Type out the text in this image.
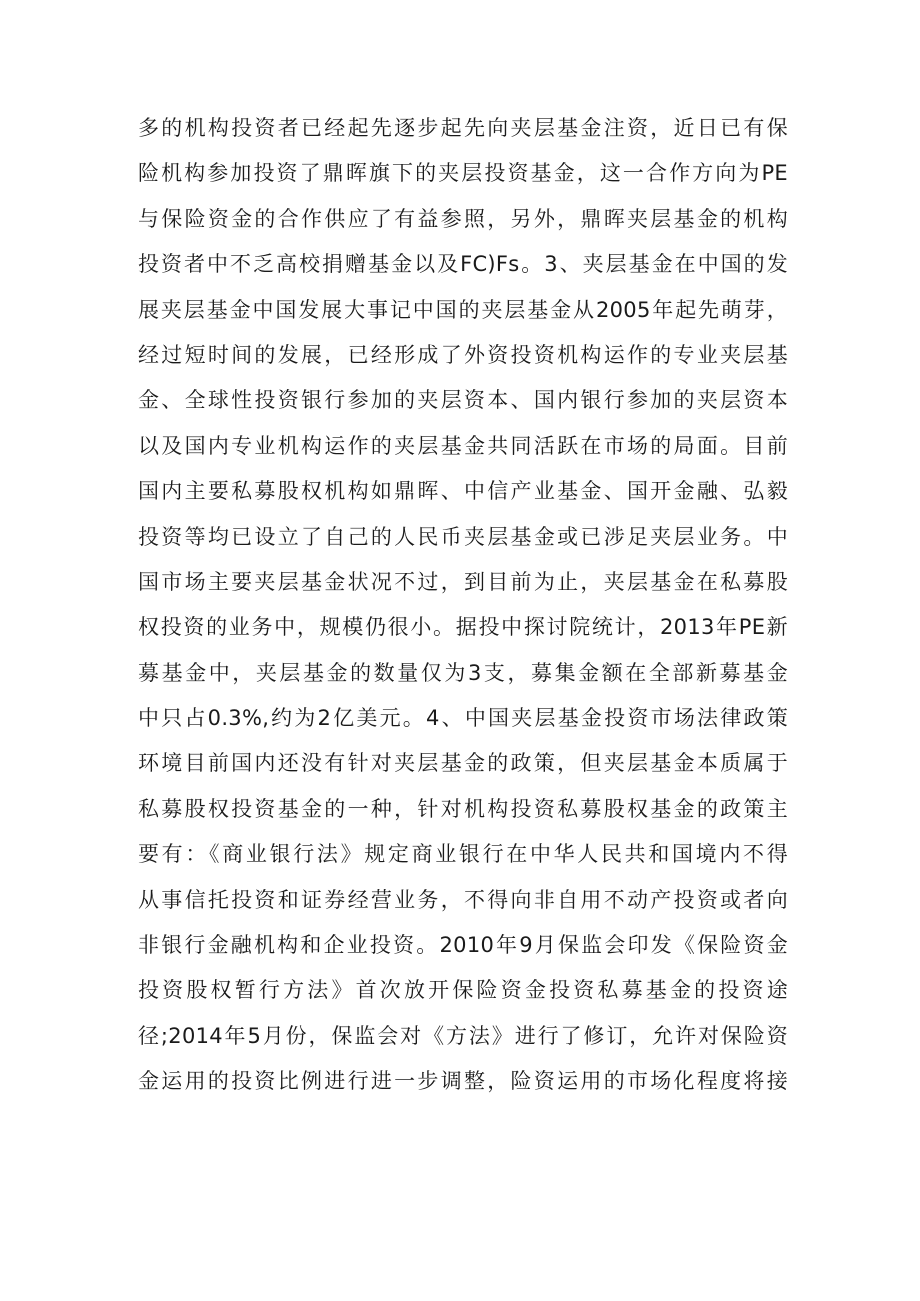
多的机构投资者已经起先逐步起先向夹层基金注资，近日已有保
险机构参加投资了鼎晖旗下的夹层投资基金，这一合作方向为PE
与保险资金的合作供应了有益参照，另外，鼎晖夹层基金的机构
投资者中不乏高校捐赠基金以及FC)Fs。3、夹层基金在中国的发
展夹层基金中国发展大事记中国的夹层基金从2005年起先萌芽，
经过短时间的发展，已经形成了外资投资机构运作的专业夹层基
金、全球性投资银行参加的夹层资本、国内银行参加的夹层资本
以及国内专业机构运作的夹层基金共同活跃在市场的局面。目前
国内主要私募股权机构如鼎晖、中信产业基金、国开金融、弘毅
投资等均已设立了自己的人民币夹层基金或已涉足夹层业务。中
国市场主要夹层基金状况不过，到目前为止，夹层基金在私募股
权投资的业务中，规模仍很小。据投中探讨院统计，2013年PE新
募基金中，夹层基金的数量仅为3支，募集金额在全部新募基金
中只占0.3%,约为2亿美元。4、中国夹层基金投资市场法律政策
环境目前国内还没有针对夹层基金的政策，但夹层基金本质属于
私募股权投资基金的一种，针对机构投资私募股权基金的政策主
要有：《商业银行法》规定商业银行在中华人民共和国境内不得
从事信托投资和证券经营业务，不得向非自用不动产投资或者向
非银行金融机构和企业投资。2010年9月保监会印发《保险资金
投资股权暂行方法》首次放开保险资金投资私募基金的投资途
径;2014年5月份，保监会对《方法》进行了修订，允许对保险资
金运用的投资比例进行进一步调整，险资运用的市场化程度将接
